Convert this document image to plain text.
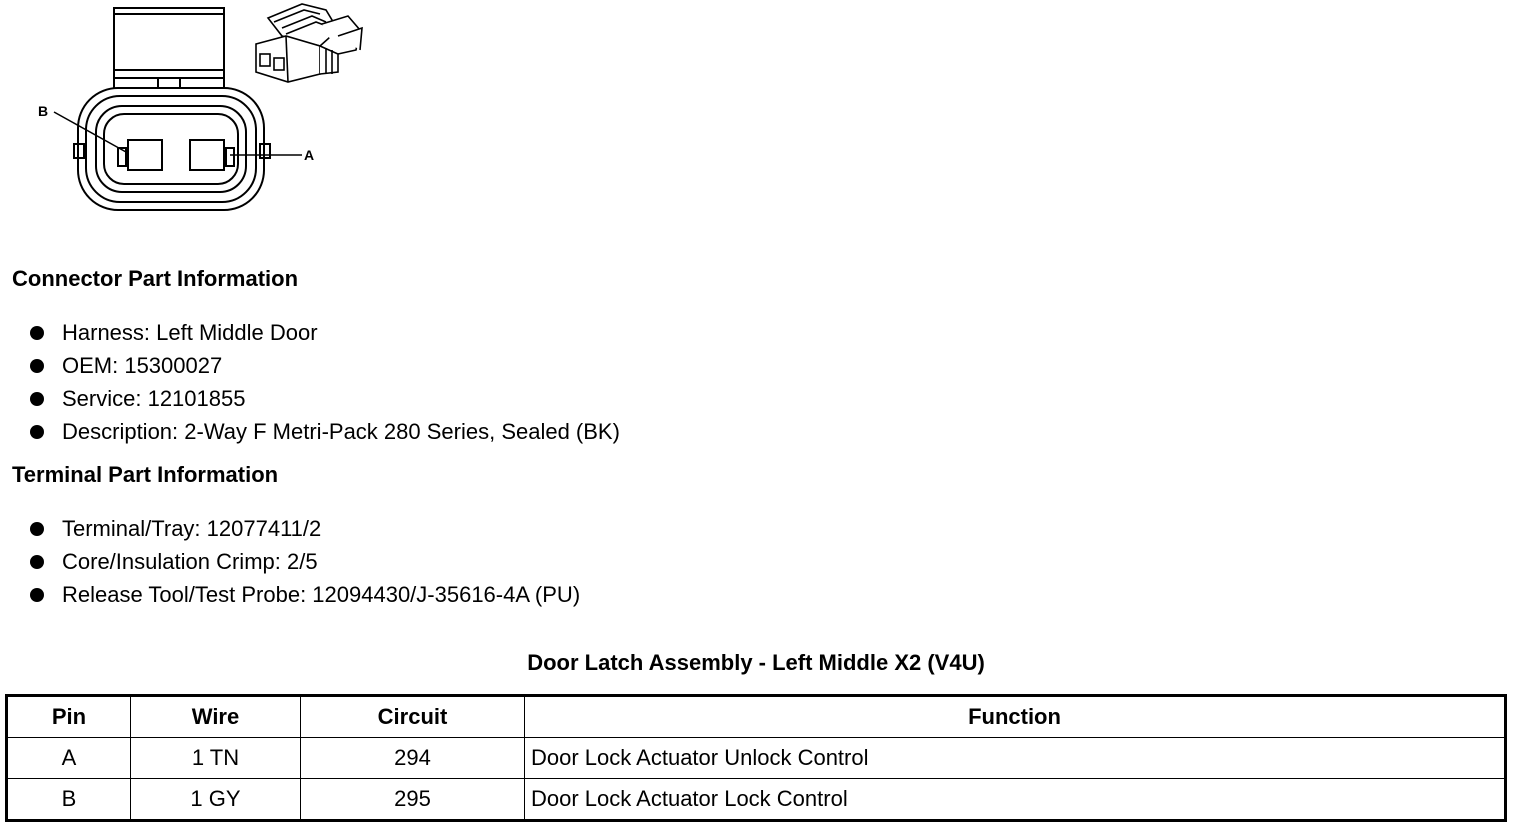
B
A
Connector Part Information
Harness: Left Middle Door
OEM: 15300027
Service: 12101855
Description: 2-Way F Metri-Pack 280 Series, Sealed (BK)
Terminal Part Information
Terminal/Tray: 12077411/2
Core/Insulation Crimp: 2/5
Release Tool/Test Probe: 12094430/J-35616-4A (PU)
Door Latch Assembly - Left Middle X2 (V4U)
Pin	Wire	Circuit	Function
A	1 TN	294	Door Lock Actuator Unlock Control
B	1 GY	295	Door Lock Actuator Lock Control
